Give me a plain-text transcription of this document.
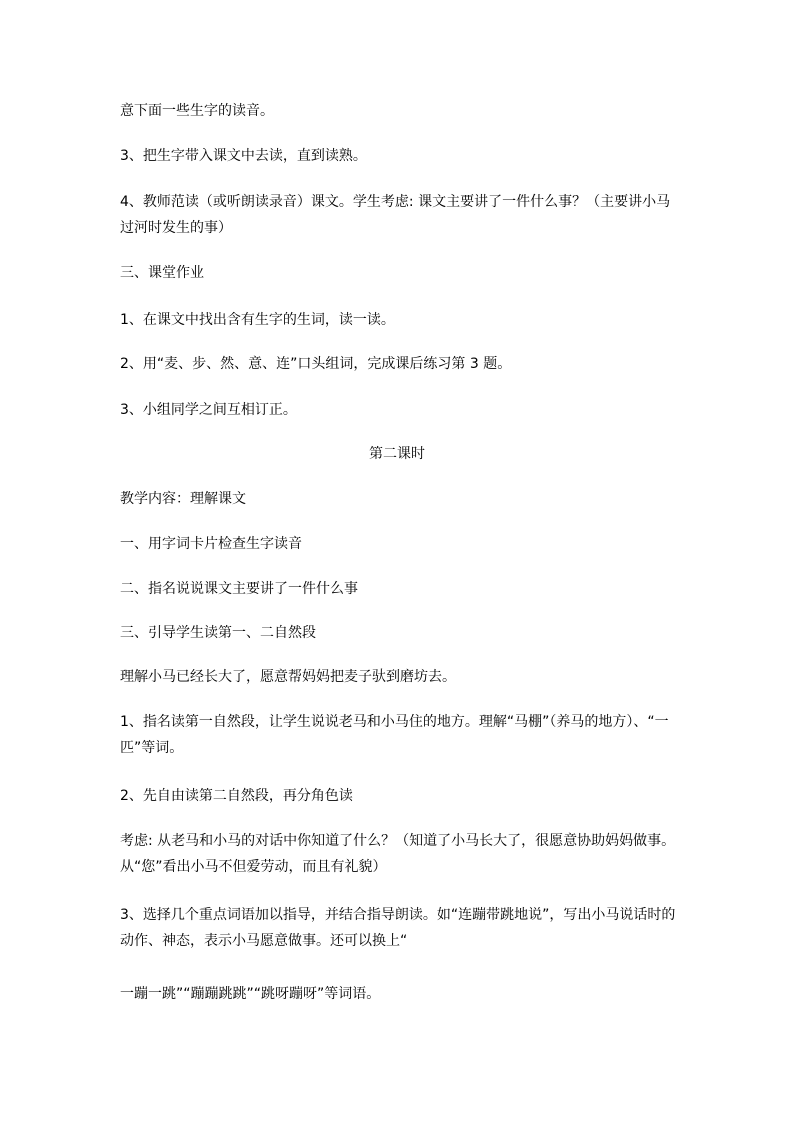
意下面一些生字的读音。
3、把生字带入课文中去读，直到读熟。
4、教师范读（或听朗读录音）课文。学生考虑: 课文主要讲了一件什么事？（主要讲小马过河时发生的事）
三、课堂作业
1、在课文中找出含有生字的生词，读一读。
2、用“麦、步、然、意、连”口头组词，完成课后练习第 3 题。
3、小组同学之间互相订正。
第二课时
教学内容：理解课文
一、用字词卡片检查生字读音
二、指名说说课文主要讲了一件什么事
三、引导学生读第一、二自然段
理解小马已经长大了，愿意帮妈妈把麦子驮到磨坊去。
1、指名读第一自然段，让学生说说老马和小马住的地方。理解“马棚”（养马的地方）、“一匹”等词。
2、先自由读第二自然段，再分角色读
考虑: 从老马和小马的对话中你知道了什么？（知道了小马长大了，很愿意协助妈妈做事。从“您”看出小马不但爱劳动，而且有礼貌）
3、选择几个重点词语加以指导，并结合指导朗读。如“连蹦带跳地说”，写出小马说话时的动作、神态，表示小马愿意做事。还可以换上“
一蹦一跳”“蹦蹦跳跳”“跳呀蹦呀”等词语。
